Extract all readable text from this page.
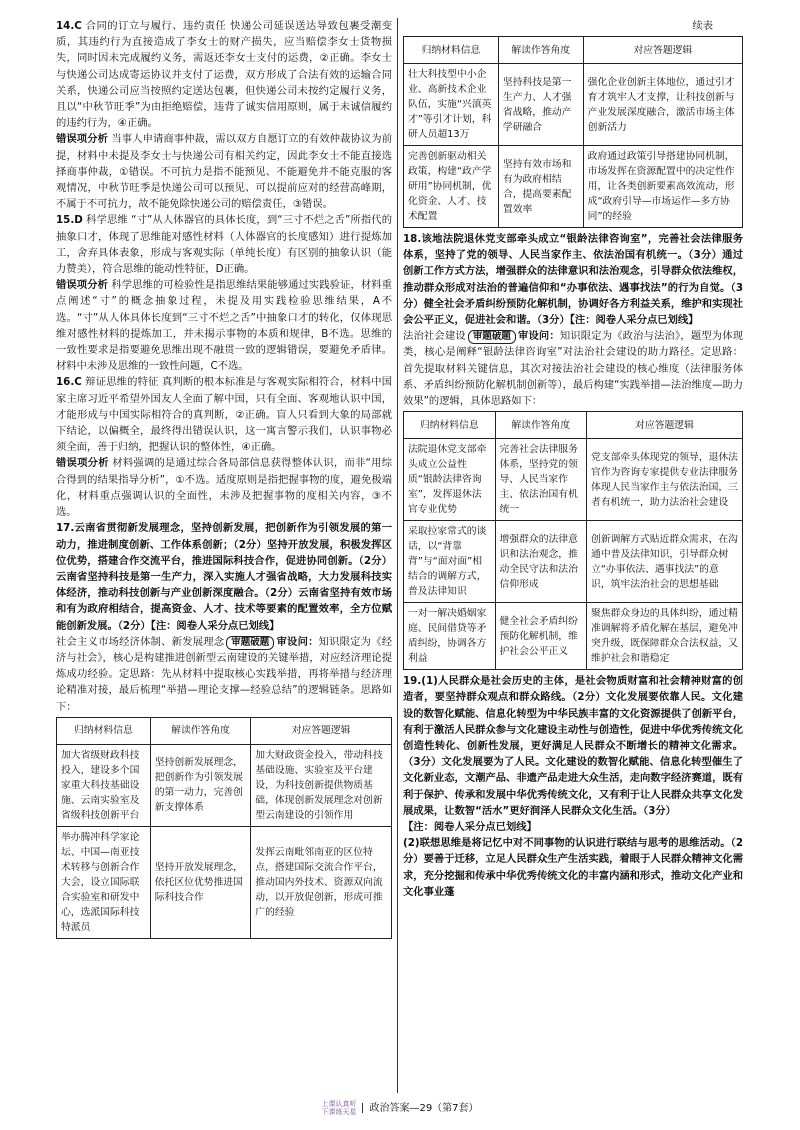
14.C 合同的订立与履行、违约责任 快递公司延误送达导致包裹受潮变质，其违约行为直接造成了李女士的财产损失，应当赔偿李女士货物损失，同时因未完成履约义务，需返还李女士支付的运费，②正确。李女士与快递公司达成寄运协议并支付了运费，双方形成了合法有效的运输合同关系，快递公司应当按照约定送达包裹，但快递公司未按约定履行义务，且以“中秋节旺季”为由拒绝赔偿，违背了诚实信用原则，属于未诚信履约的违约行为，④正确。

错误项分析 当事人申请商事仲裁，需以双方自愿订立的有效仲裁协议为前提，材料中未提及李女士与快递公司有相关约定，因此李女士不能直接选择商事仲裁，①错误。不可抗力是指不能预见、不能避免并不能克服的客观情况，中秋节旺季是快递公司可以预见、可以提前应对的经营高峰期，不属于不可抗力，故不能免除快递公司的赔偿责任，③错误。

15.D 科学思维 “寸”从人体器官的具体长度，到“三寸不烂之舌”所指代的抽象口才，体现了思维能对感性材料（人体器官的长度感知）进行提炼加工，舍弃具体表象，形成与客观实际（单纯长度）有区别的抽象认识（能力赞美），符合思维的能动性特征，D正确。

错误项分析 科学思维的可检验性是指思维结果能够通过实践验证，材料重点阐述“寸”的概念抽象过程，未提及用实践检验思维结果，A不选。“寸”从人体具体长度到“三寸不烂之舌”中抽象口才的转化，仅体现思维对感性材料的提炼加工，并未揭示事物的本质和规律，B不选。思维的一致性要求是指要避免思维出现不融贯一致的逻辑错误，要避免矛盾律。材料中未涉及思维的一致性问题，C不选。

16.C 辩证思维的特征 真判断的根本标准是与客观实际相符合，材料中国家主席习近平希望外国友人全面了解中国，只有全面、客观地认识中国，才能形成与中国实际相符合的真判断，②正确。盲人只看到大象的局部就下结论，以偏概全，最终得出错误认识，这一寓言警示我们，认识事物必须全面，善于归纳，把握认识的整体性，④正确。

错误项分析 材料强调的是通过综合各局部信息获得整体认识，而非“用综合得到的结果指导分析”，①不选。适度原则是指把握事物的度，避免极端化，材料重点强调认识的全面性，未涉及把握事物的度相关内容，③不选。

17.云南省贯彻新发展理念，坚持创新发展，把创新作为引领发展的第一动力，推进制度创新、工作体系创新；（2分）坚持开放发展，积极发挥区位优势，搭建合作交流平台，推进国际科技合作，促进协同创新。（2分）云南省坚持科技是第一生产力，深入实施人才强省战略，大力发展科技实体经济，推动科技创新与产业创新深度融合。（2分）云南省坚持有效市场和有为政府相结合，提高资金、人才、技术等要素的配置效率，全方位赋能创新发展。（2分）【注：阅卷人采分点已划线】

社会主义市场经济体制、新发展理念 审题破题 审设问：知识限定为《经济与社会》，核心是构建推进创新型云南建设的关键举措，对应经济理论提炼成功经验。定思路：先从材料中提取核心实践举措，再将举措与经济理论精准对接，最后梳理“举措—理论支撑—经验总结”的逻辑链条。思路如下：

归纳材料信息	解读作答角度	对应答题逻辑
加大省级财政科技投入，建设多个国家重大科技基础设施、云南实验室及省级科技创新平台	坚持创新发展理念，把创新作为引领发展的第一动力，完善创新支撑体系	加大财政资金投入，带动科技基础设施、实验室及平台建设，为科技创新提供物质基础，体现创新发展理念对创新型云南建设的引领作用
举办腾冲科学家论坛、中国—南亚技术转移与创新合作大会，设立国际联合实验室和研发中心，选派国际科技特派员	坚持开放发展理念，依托区位优势推进国际科技合作	发挥云南毗邻南亚的区位特点，搭建国际交流合作平台，推动国内外技术、资源双向流动，以开放促创新，形成可推广的经验
续表
归纳材料信息	解读作答角度	对应答题逻辑
壮大科技型中小企业、高新技术企业队伍，实施“兴滇英才”等引才计划，科研人员超13万	坚持科技是第一生产力、人才强省战略，推动产学研融合	强化企业创新主体地位，通过引才育才筑牢人才支撑，让科技创新与产业发展深度融合，激活市场主体创新活力
完善创新驱动相关政策，构建“政产学研用”协同机制，优化资金、人才、技术配置	坚持有效市场和有为政府相结合，提高要素配置效率	政府通过政策引导搭建协同机制，市场发挥在资源配置中的决定性作用，让各类创新要素高效流动，形成“政府引导—市场运作—多方协同”的经验

18.该地法院退休党支部牵头成立“银龄法律咨询室”，完善社会法律服务体系，坚持了党的领导、人民当家作主、依法治国有机统一。（3分）通过创新工作方式方法，增强群众的法律意识和法治观念，引导群众依法维权，推动群众形成对法治的普遍信仰和“办事依法、遇事找法”的行为自觉。（3分）健全社会矛盾纠纷预防化解机制，协调好各方利益关系，维护和实现社会公平正义，促进社会和谐。（3分）【注：阅卷人采分点已划线】

法治社会建设 审题破题 审设问：知识限定为《政治与法治》，题型为体现类，核心是阐释“银龄法律咨询室”对法治社会建设的助力路径。定思路：首先提取材料关键信息，其次对接法治社会建设的核心维度（法律服务体系、矛盾纠纷预防化解机制创新等），最后构建“实践举措—法治维度—助力效果”的逻辑，具体思路如下：

归纳材料信息	解读作答角度	对应答题逻辑
法院退休党支部牵头成立公益性质“银龄法律咨询室”，发挥退休法官专业优势	完善社会法律服务体系，坚持党的领导、人民当家作主、依法治国有机统一	党支部牵头体现党的领导，退休法官作为咨询专家提供专业法律服务体现人民当家作主与依法治国，三者有机统一，助力法治社会建设
采取拉家常式的谈话，以“背靠背”与“面对面”相结合的调解方式，普及法律知识	增强群众的法律意识和法治观念，推动全民守法和法治信仰形成	创新调解方式贴近群众需求，在沟通中普及法律知识，引导群众树立“办事依法、遇事找法”的意识，筑牢法治社会的思想基础
一对一解决婚姻家庭、民间借贷等矛盾纠纷，协调各方利益	健全社会矛盾纠纷预防化解机制，维护社会公平正义	聚焦群众身边的具体纠纷，通过精准调解将矛盾化解在基层，避免冲突升级，既保障群众合法权益，又维护社会和谐稳定

19.(1)人民群众是社会历史的主体，是社会物质财富和社会精神财富的创造者，要坚持群众观点和群众路线。（2分）文化发展要依靠人民。文化建设的数智化赋能、信息化转型为中华民族丰富的文化资源提供了创新平台，有利于激活人民群众参与文化建设主动性与创造性，促进中华优秀传统文化创造性转化、创新性发展，更好满足人民群众不断增长的精神文化需求。（3分）文化发展要为了人民。文化建设的数智化赋能、信息化转型催生了文化新业态，文潮产品、非遗产品走进大众生活，走向数字经济赛道，既有利于保护、传承和发展中华优秀传统文化，又有利于让人民群众共享文化发展成果，让数智“活水”更好润泽人民群众文化生活。（3分）

【注：阅卷人采分点已划线】

(2)联想思维是将记忆中对不同事物的认识进行联结与思考的思维活动。（2分）要善于迁移，立足人民群众生产生活实践，着眼于人民群众精神文化需求，充分挖掘和传承中华优秀传统文化的丰富内涵和形式，推动文化产业和文化事业蓬

上课认真听
下课练天星 政治答案—29（第7套）
